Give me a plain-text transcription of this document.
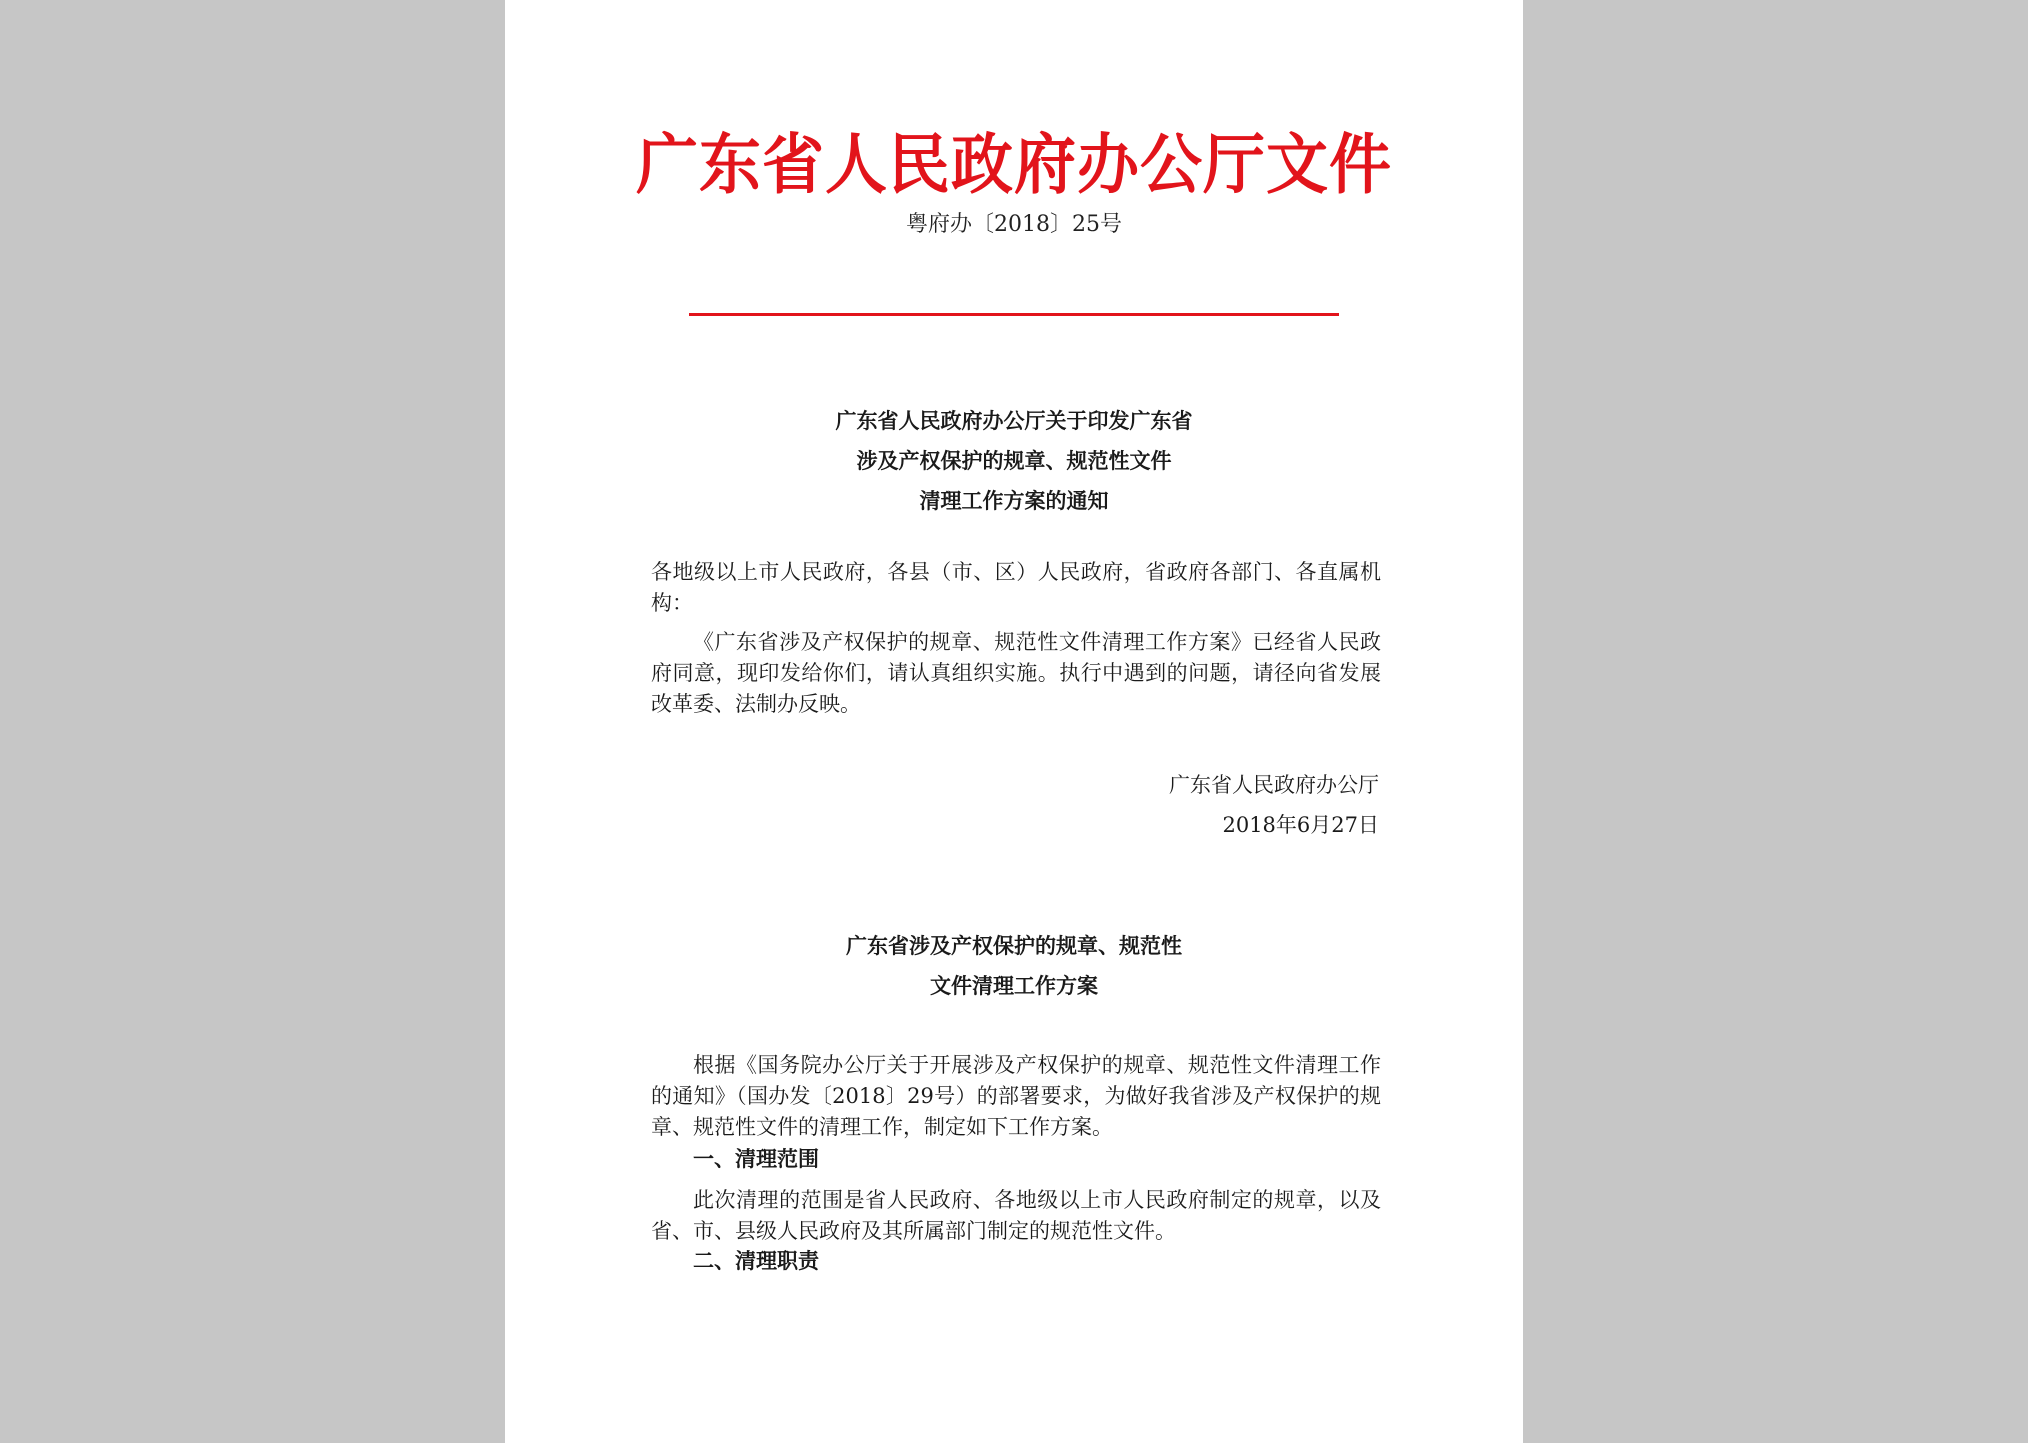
广东省人民政府办公厅文件
粤府办〔2018〕25号
广东省人民政府办公厅关于印发广东省
涉及产权保护的规章、规范性文件
清理工作方案的通知
各地级以上市人民政府，各县（市、区）人民政府，省政府各部门、各直属机构：
《广东省涉及产权保护的规章、规范性文件清理工作方案》已经省人民政府同意，现印发给你们，请认真组织实施。执行中遇到的问题，请径向省发展改革委、法制办反映。
广东省人民政府办公厅
2018年6月27日
广东省涉及产权保护的规章、规范性
文件清理工作方案
根据《国务院办公厅关于开展涉及产权保护的规章、规范性文件清理工作的通知》（国办发〔2018〕29号）的部署要求，为做好我省涉及产权保护的规章、规范性文件的清理工作，制定如下工作方案。
一、清理范围
此次清理的范围是省人民政府、各地级以上市人民政府制定的规章，以及省、市、县级人民政府及其所属部门制定的规范性文件。
二、清理职责
